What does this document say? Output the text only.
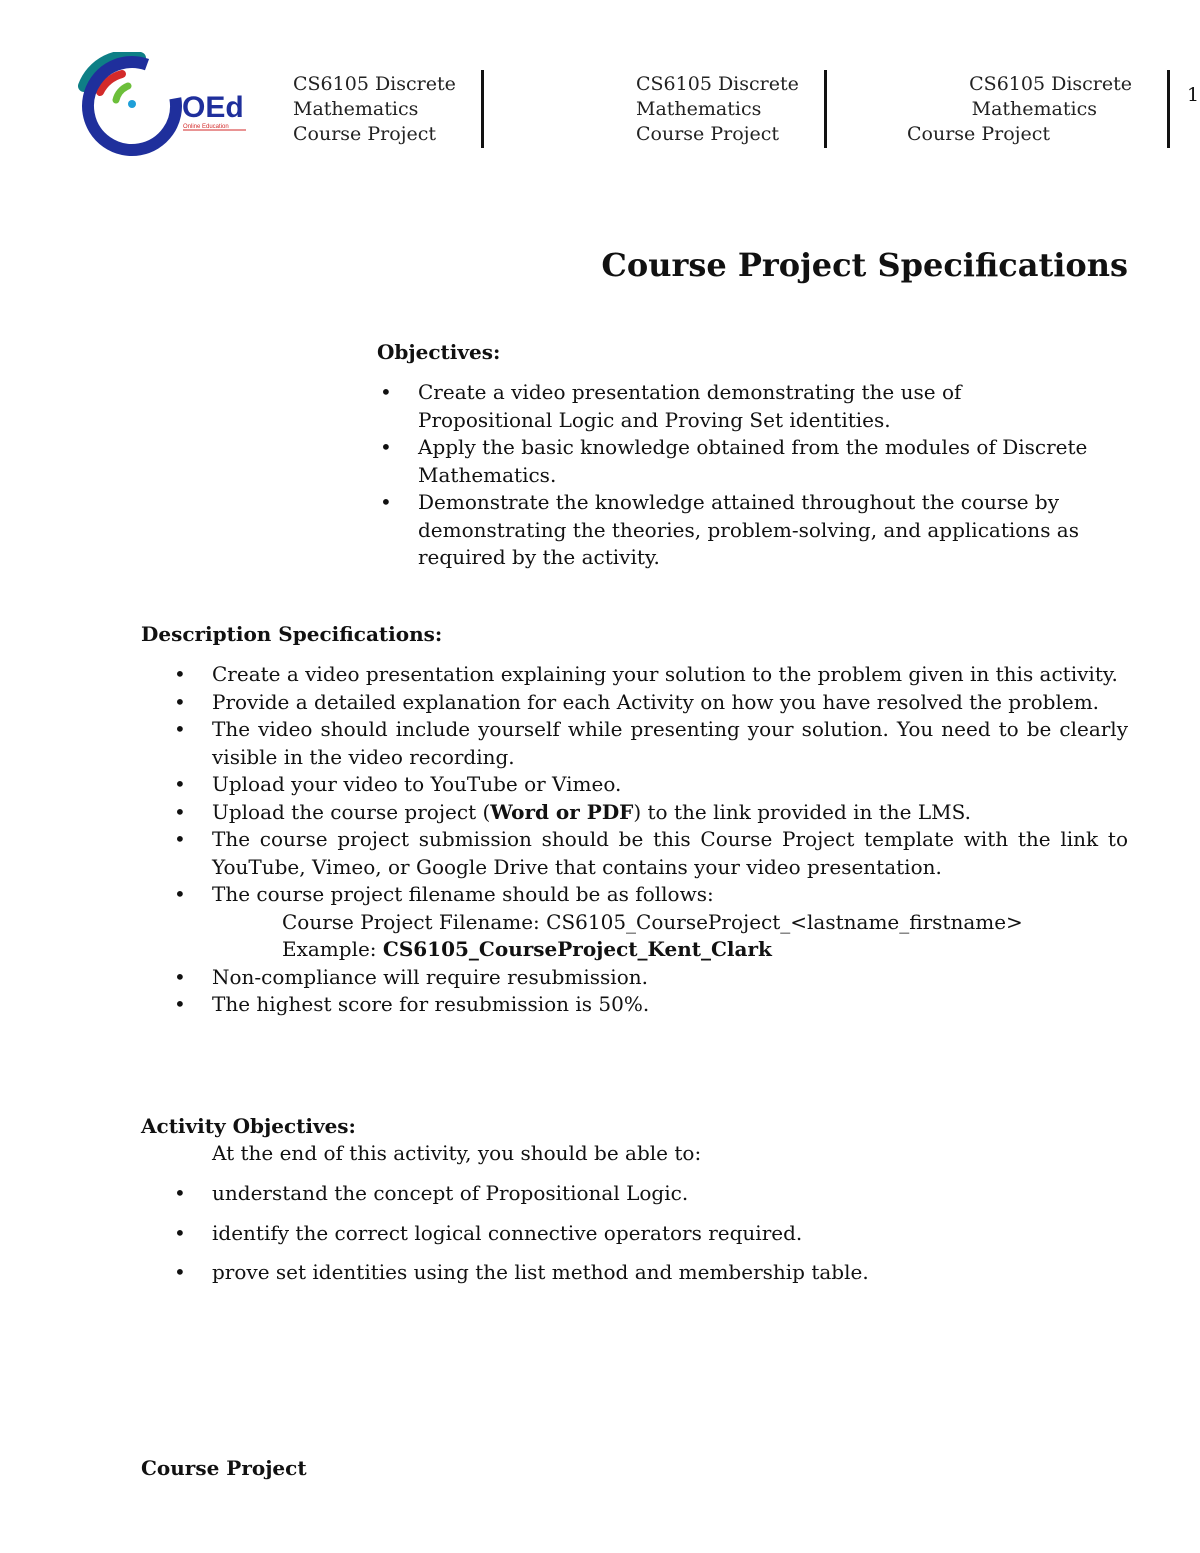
OEd
Online Education
CS6105 Discrete
Mathematics
Course Project
CS6105 Discrete
Mathematics
Course Project
CS6105 Discrete
Mathematics
Course Project
1
Course Project Specifications
Objectives:
• Create a video presentation demonstrating the use of Propositional Logic and Proving Set identities.
• Apply the basic knowledge obtained from the modules of Discrete Mathematics.
• Demonstrate the knowledge attained throughout the course by demonstrating the theories, problem-solving, and applications as required by the activity.
Description Specifications:
• Create a video presentation explaining your solution to the problem given in this activity.
• Provide a detailed explanation for each Activity on how you have resolved the problem.
• The video should include yourself while presenting your solution. You need to be clearly visible in the video recording.
• Upload your video to YouTube or Vimeo.
• Upload the course project (Word or PDF) to the link provided in the LMS.
• The course project submission should be this Course Project template with the link to YouTube, Vimeo, or Google Drive that contains your video presentation.
• The course project filename should be as follows:
Course Project Filename: CS6105_CourseProject_<lastname_firstname>
Example: CS6105_CourseProject_Kent_Clark
• Non-compliance will require resubmission.
• The highest score for resubmission is 50%.
Activity Objectives:
At the end of this activity, you should be able to:
• understand the concept of Propositional Logic.
• identify the correct logical connective operators required.
• prove set identities using the list method and membership table.
Course Project
